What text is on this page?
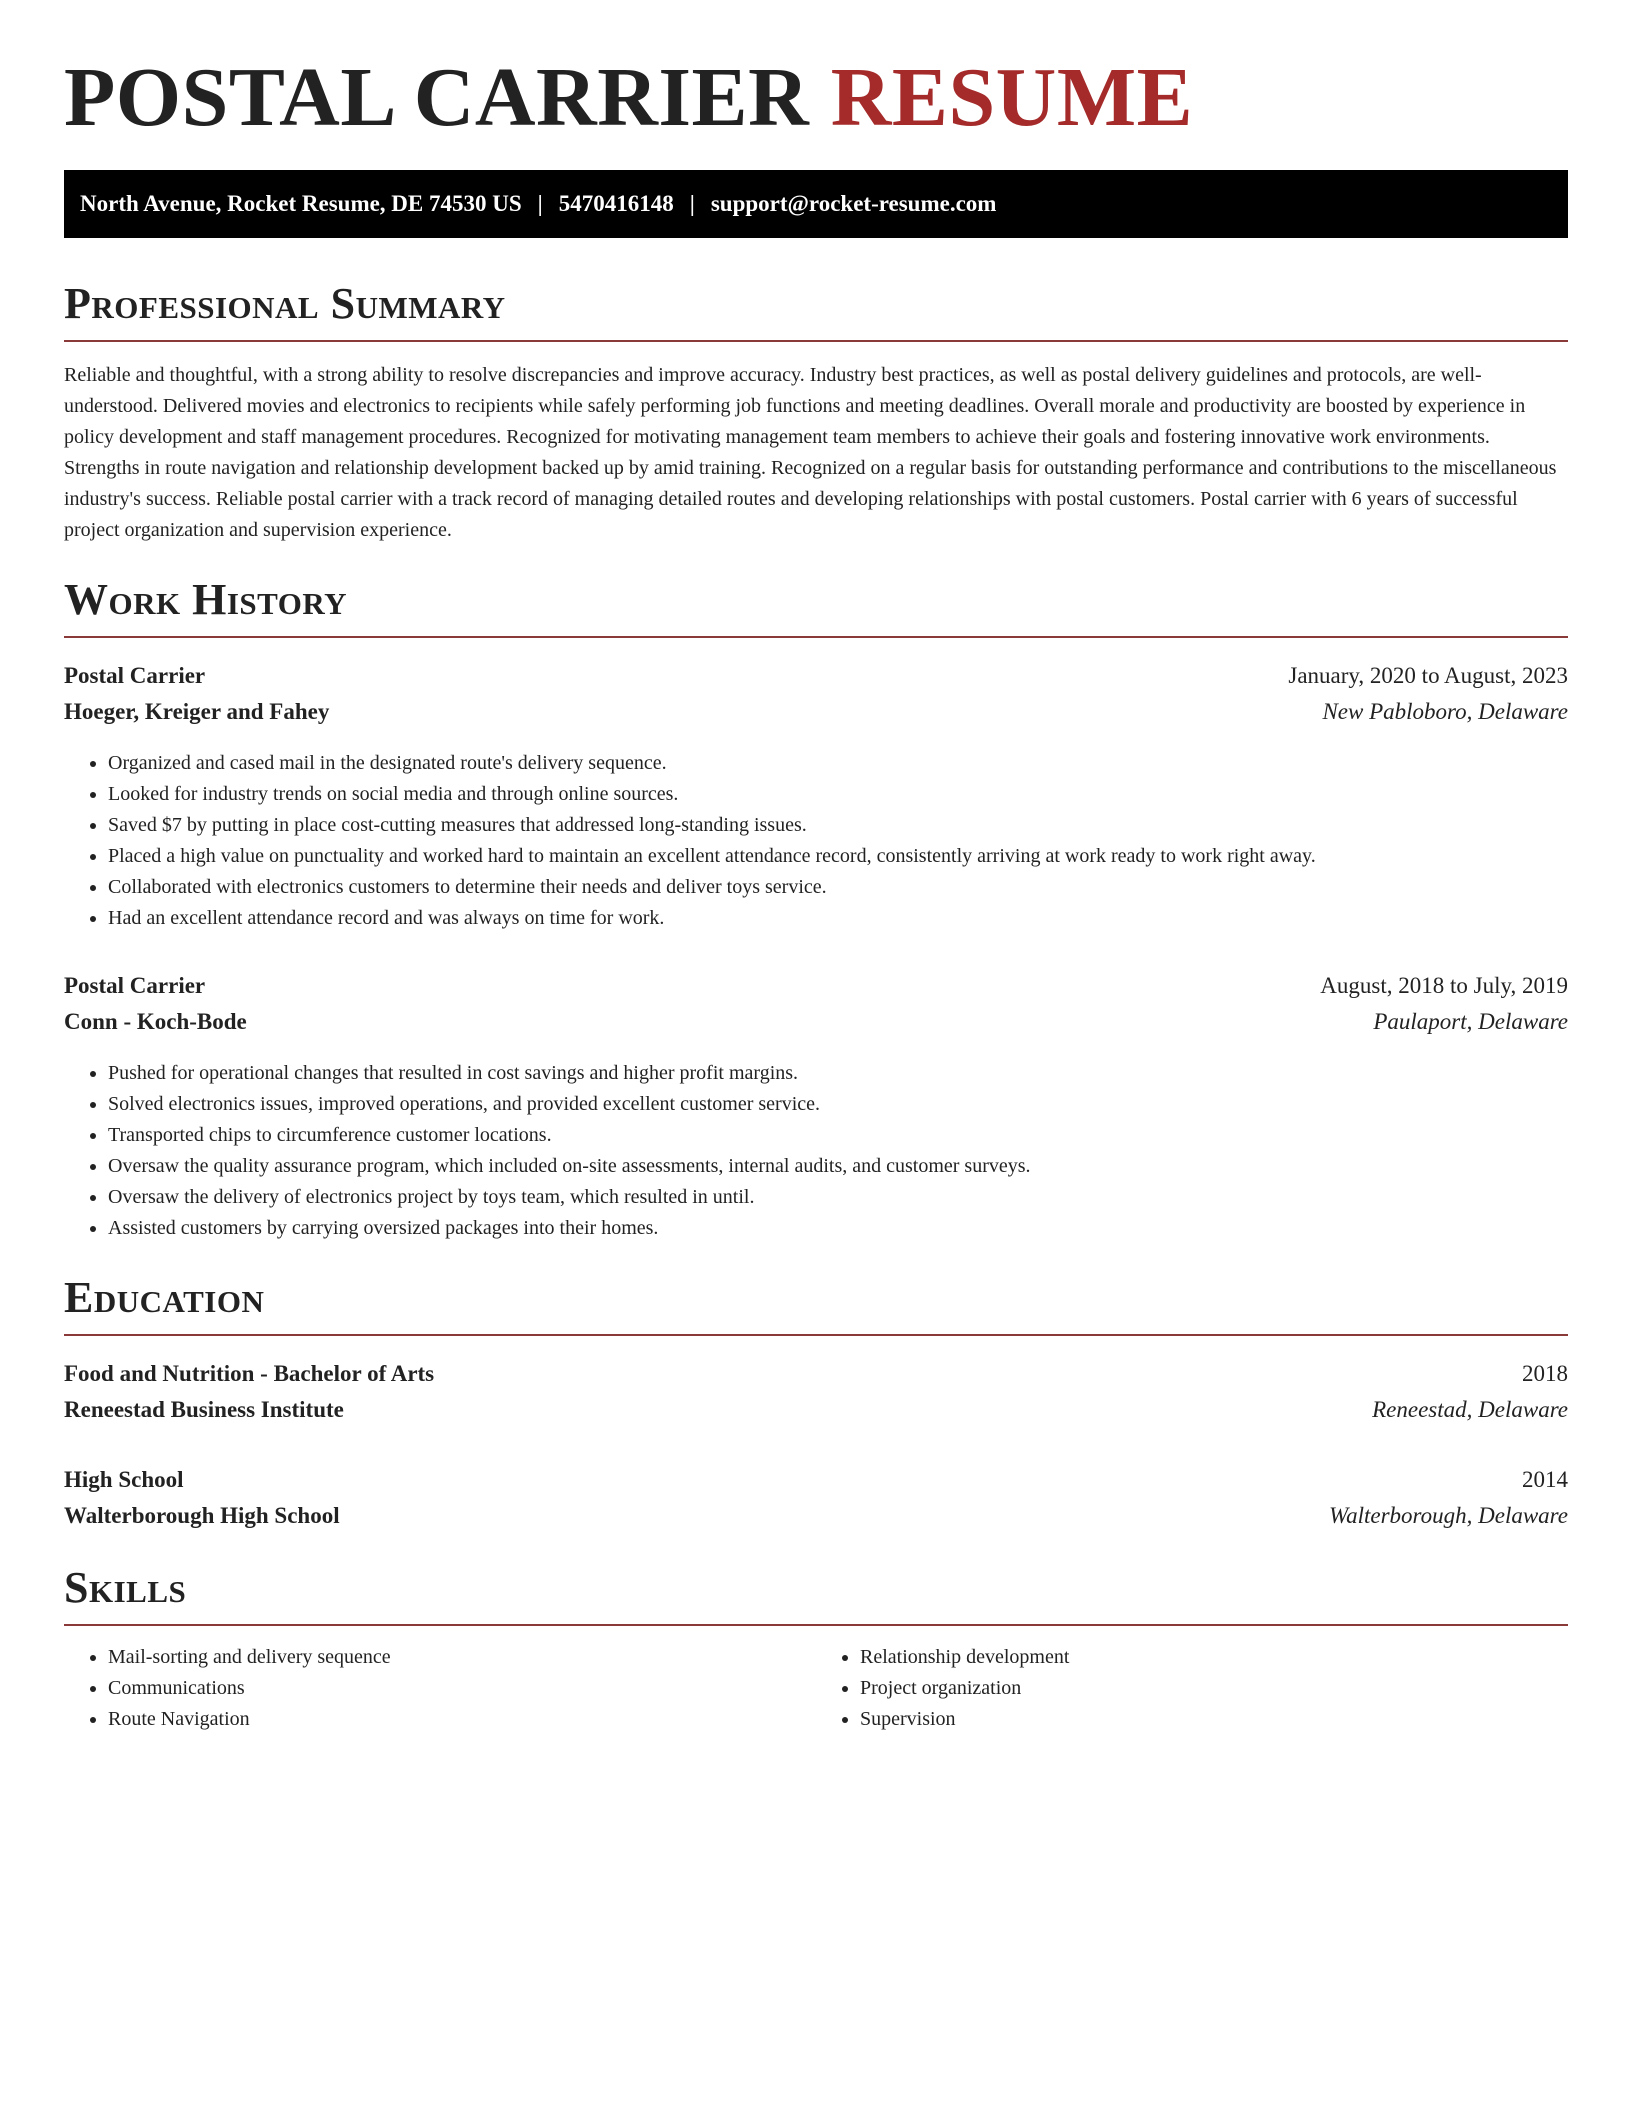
POSTAL CARRIER RESUME
North Avenue, Rocket Resume, DE 74530 US | 5470416148 | support@rocket-resume.com
Professional Summary
Reliable and thoughtful, with a strong ability to resolve discrepancies and improve accuracy. Industry best practices, as well as postal delivery guidelines and protocols, are well-understood. Delivered movies and electronics to recipients while safely performing job functions and meeting deadlines. Overall morale and productivity are boosted by experience in policy development and staff management procedures. Recognized for motivating management team members to achieve their goals and fostering innovative work environments. Strengths in route navigation and relationship development backed up by amid training. Recognized on a regular basis for outstanding performance and contributions to the miscellaneous industry's success. Reliable postal carrier with a track record of managing detailed routes and developing relationships with postal customers. Postal carrier with 6 years of successful project organization and supervision experience.
Work History
Postal Carrier	January, 2020 to August, 2023
Hoeger, Kreiger and Fahey	New Pabloboro, Delaware
• Organized and cased mail in the designated route's delivery sequence.
• Looked for industry trends on social media and through online sources.
• Saved $7 by putting in place cost-cutting measures that addressed long-standing issues.
• Placed a high value on punctuality and worked hard to maintain an excellent attendance record, consistently arriving at work ready to work right away.
• Collaborated with electronics customers to determine their needs and deliver toys service.
• Had an excellent attendance record and was always on time for work.
Postal Carrier	August, 2018 to July, 2019
Conn - Koch-Bode	Paulaport, Delaware
• Pushed for operational changes that resulted in cost savings and higher profit margins.
• Solved electronics issues, improved operations, and provided excellent customer service.
• Transported chips to circumference customer locations.
• Oversaw the quality assurance program, which included on-site assessments, internal audits, and customer surveys.
• Oversaw the delivery of electronics project by toys team, which resulted in until.
• Assisted customers by carrying oversized packages into their homes.
Education
Food and Nutrition - Bachelor of Arts	2018
Reneestad Business Institute	Reneestad, Delaware
High School	2014
Walterborough High School	Walterborough, Delaware
Skills
• Mail-sorting and delivery sequence
• Communications
• Route Navigation
• Relationship development
• Project organization
• Supervision
